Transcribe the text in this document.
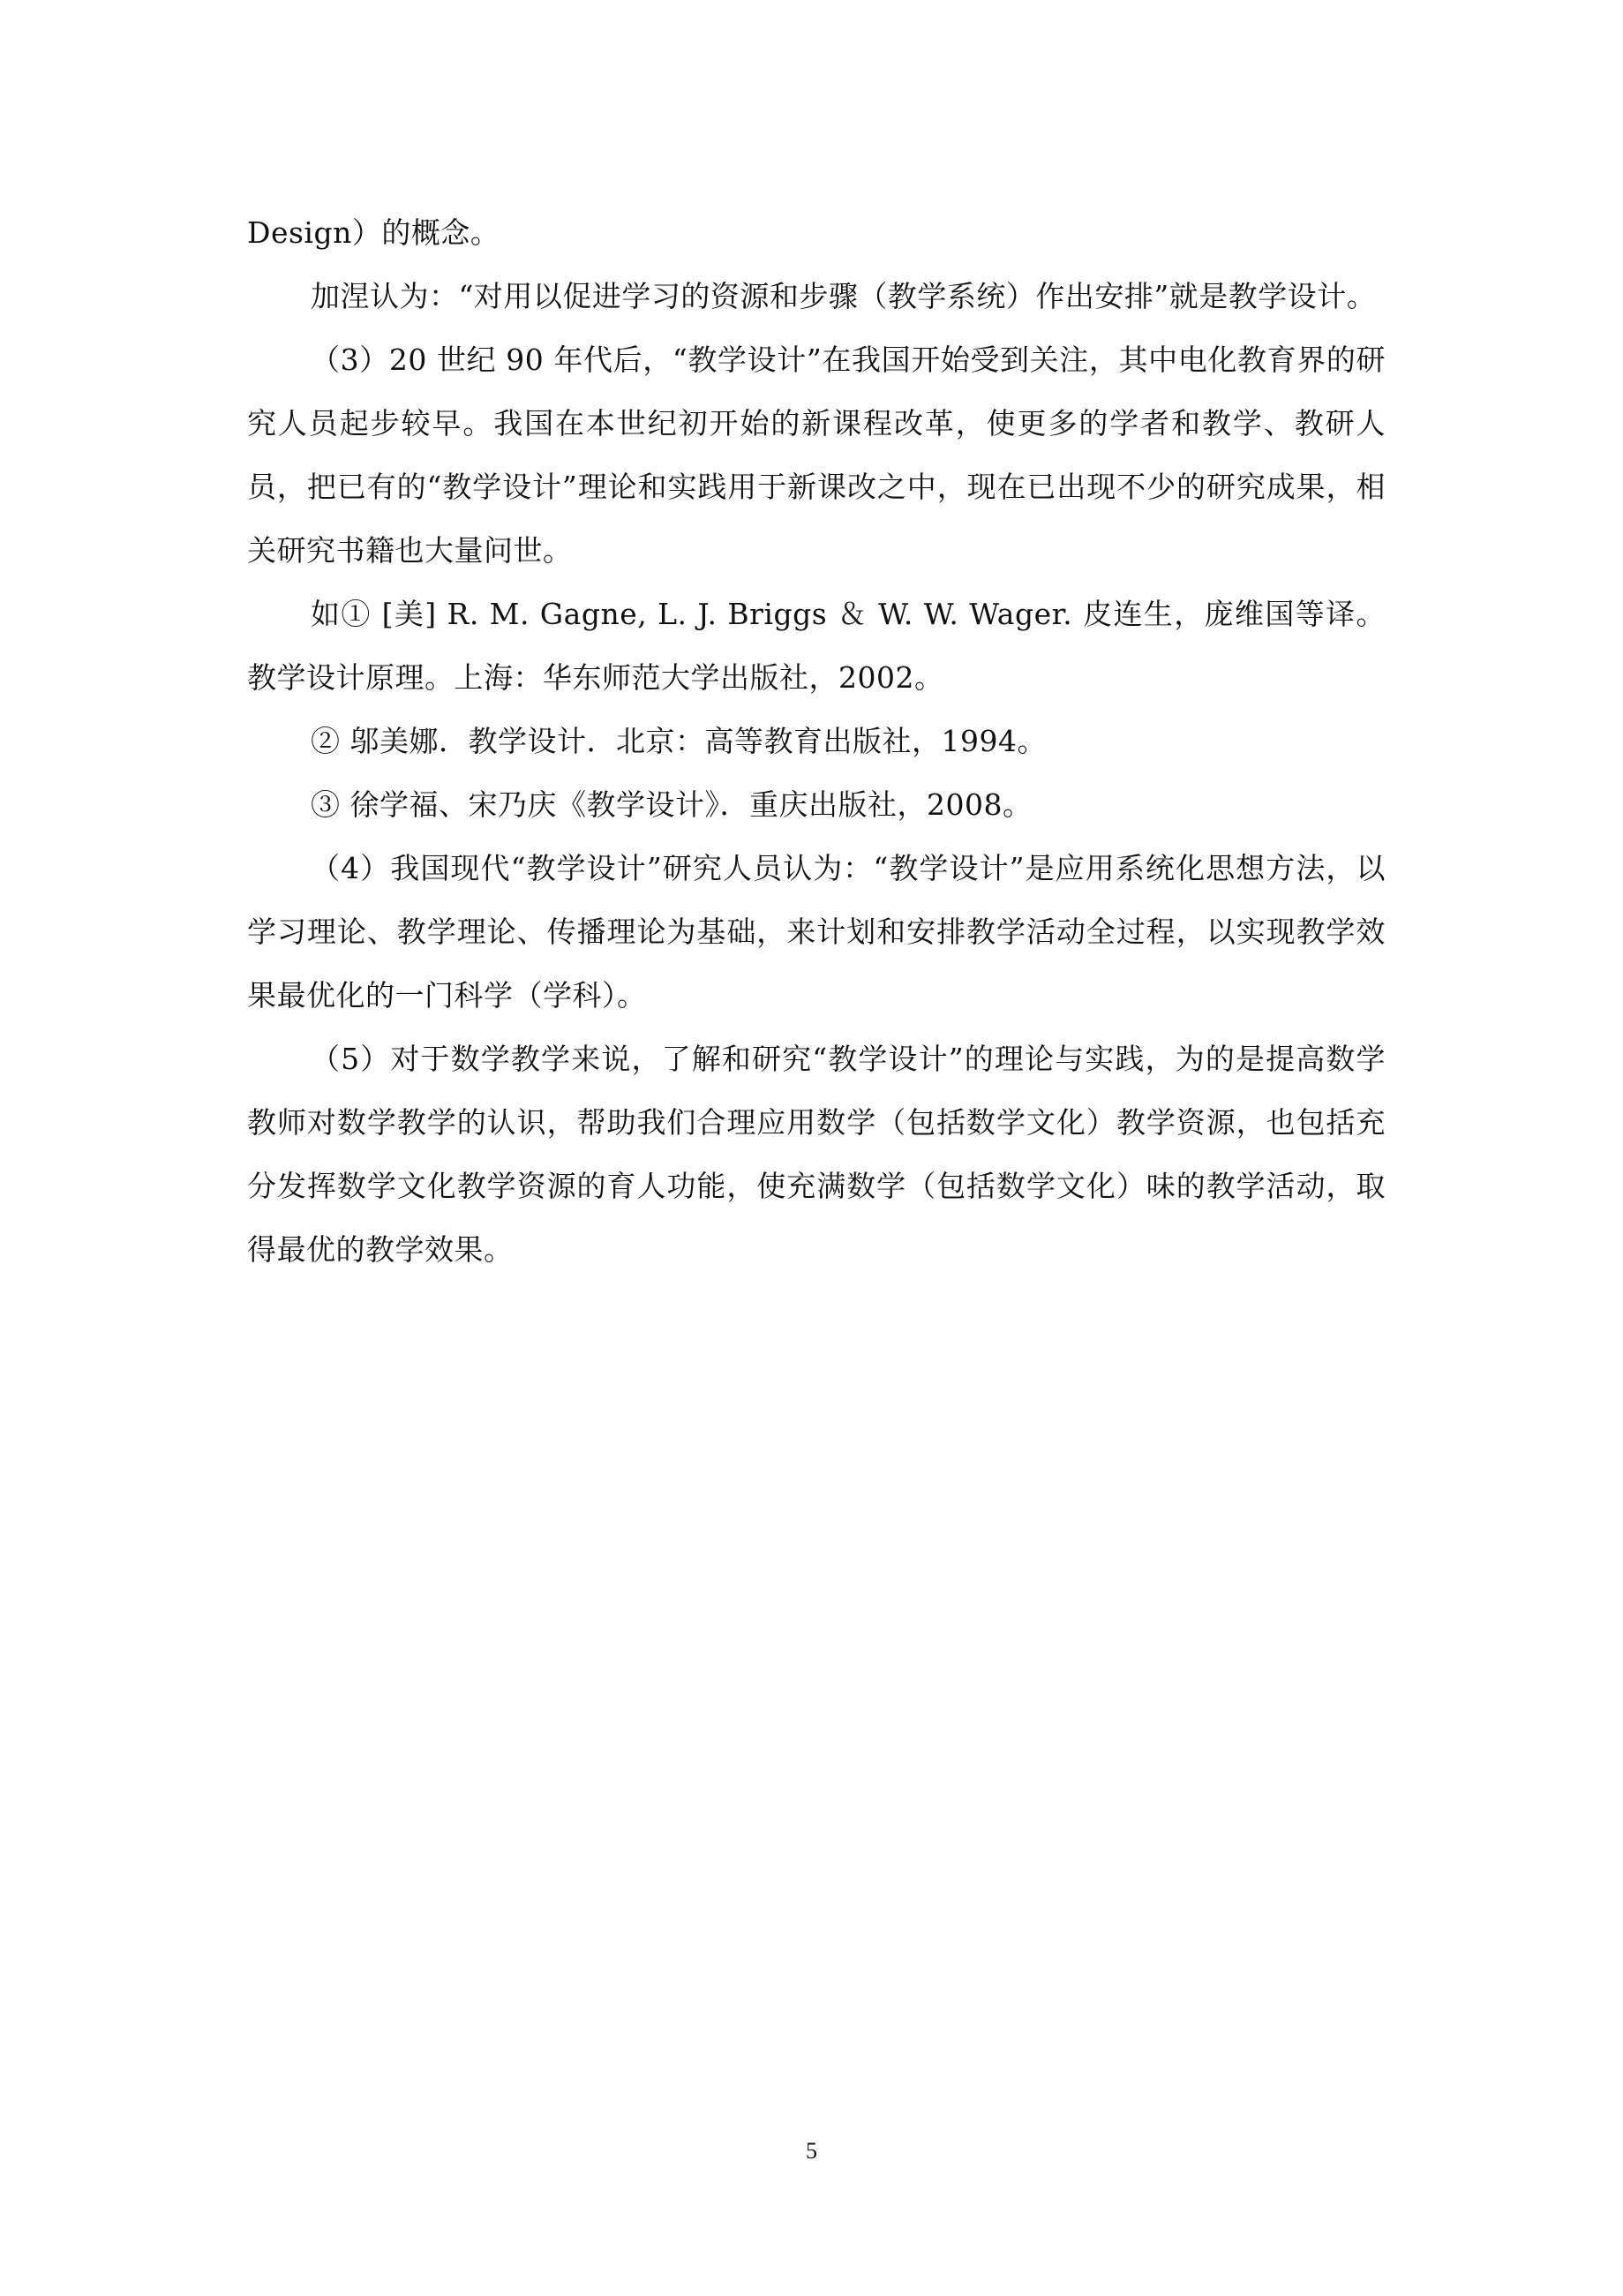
Design）的概念。

加涅认为：“对用以促进学习的资源和步骤（教学系统）作出安排”就是教学设计。

（3）20 世纪 90 年代后，“教学设计”在我国开始受到关注，其中电化教育界的研究人员起步较早。我国在本世纪初开始的新课程改革，使更多的学者和教学、教研人员，把已有的“教学设计”理论和实践用于新课改之中，现在已出现不少的研究成果，相关研究书籍也大量问世。

如① [美] R. M. Gagne, L. J. Briggs ＆ W. W. Wager. 皮连生，庞维国等译。教学设计原理。上海：华东师范大学出版社，2002。

② 邬美娜．教学设计．北京：高等教育出版社，1994。

③ 徐学福、宋乃庆《教学设计》．重庆出版社，2008。

（4）我国现代“教学设计”研究人员认为：“教学设计”是应用系统化思想方法，以学习理论、教学理论、传播理论为基础，来计划和安排教学活动全过程，以实现教学效果最优化的一门科学（学科）。

（5）对于数学教学来说，了解和研究“教学设计”的理论与实践，为的是提高数学教师对数学教学的认识，帮助我们合理应用数学（包括数学文化）教学资源，也包括充分发挥数学文化教学资源的育人功能，使充满数学（包括数学文化）味的教学活动，取得最优的教学效果。

5
